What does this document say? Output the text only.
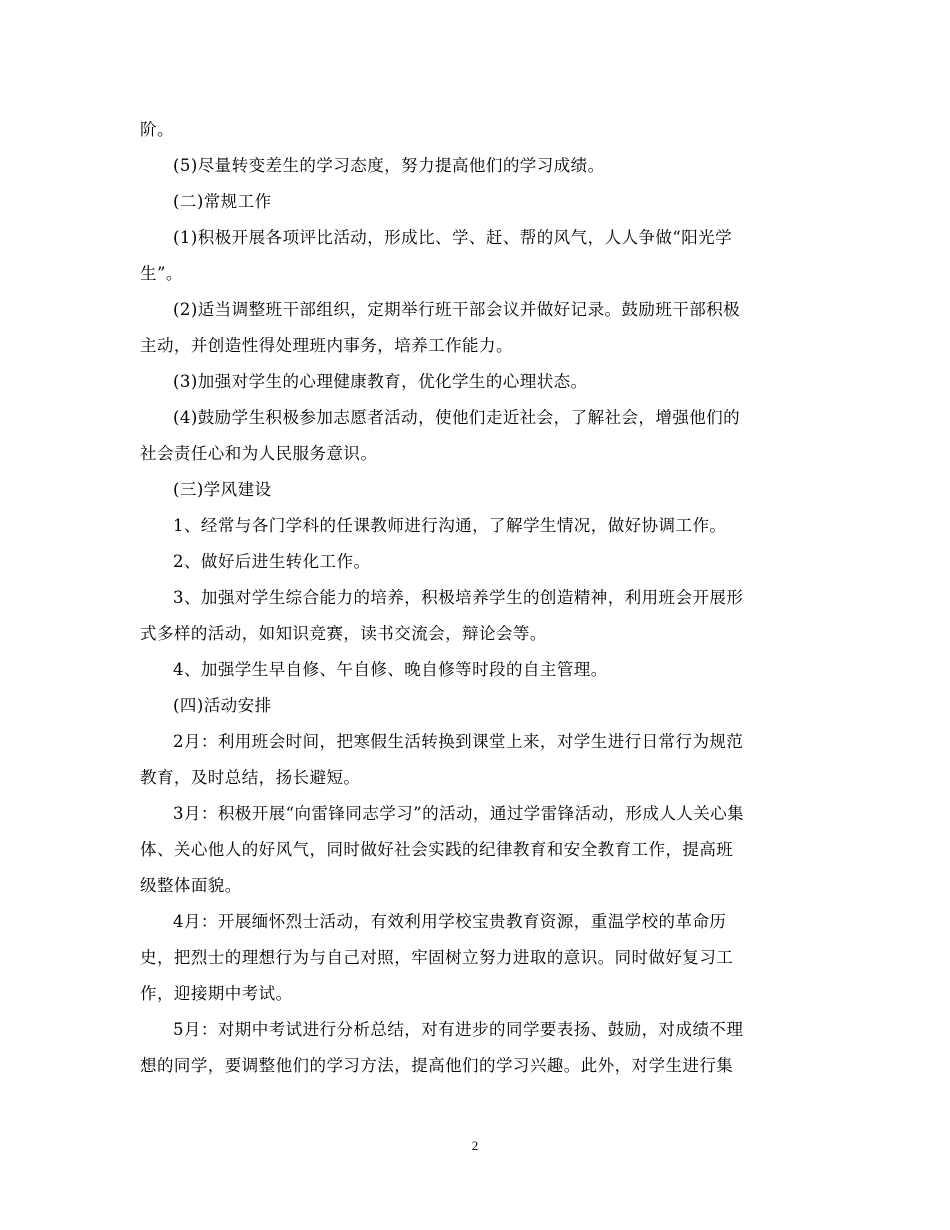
阶。

(5)尽量转变差生的学习态度，努力提高他们的学习成绩。

(二)常规工作

(1)积极开展各项评比活动，形成比、学、赶、帮的风气，人人争做“阳光学
生”。

(2)适当调整班干部组织，定期举行班干部会议并做好记录。鼓励班干部积极
主动，并创造性得处理班内事务，培养工作能力。

(3)加强对学生的心理健康教育，优化学生的心理状态。

(4)鼓励学生积极参加志愿者活动，使他们走近社会，了解社会，增强他们的
社会责任心和为人民服务意识。

(三)学风建设

1、经常与各门学科的任课教师进行沟通，了解学生情况，做好协调工作。

2、做好后进生转化工作。

3、加强对学生综合能力的培养，积极培养学生的创造精神，利用班会开展形
式多样的活动，如知识竞赛，读书交流会，辩论会等。

4、加强学生早自修、午自修、晚自修等时段的自主管理。

(四)活动安排

2月：利用班会时间，把寒假生活转换到课堂上来，对学生进行日常行为规范
教育，及时总结，扬长避短。

3月：积极开展“向雷锋同志学习”的活动，通过学雷锋活动，形成人人关心集
体、关心他人的好风气，同时做好社会实践的纪律教育和安全教育工作，提高班
级整体面貌。

4月：开展缅怀烈士活动，有效利用学校宝贵教育资源，重温学校的革命历
史，把烈士的理想行为与自己对照，牢固树立努力进取的意识。同时做好复习工
作，迎接期中考试。

5月：对期中考试进行分析总结，对有进步的同学要表扬、鼓励，对成绩不理
想的同学，要调整他们的学习方法，提高他们的学习兴趣。此外，对学生进行集

2
